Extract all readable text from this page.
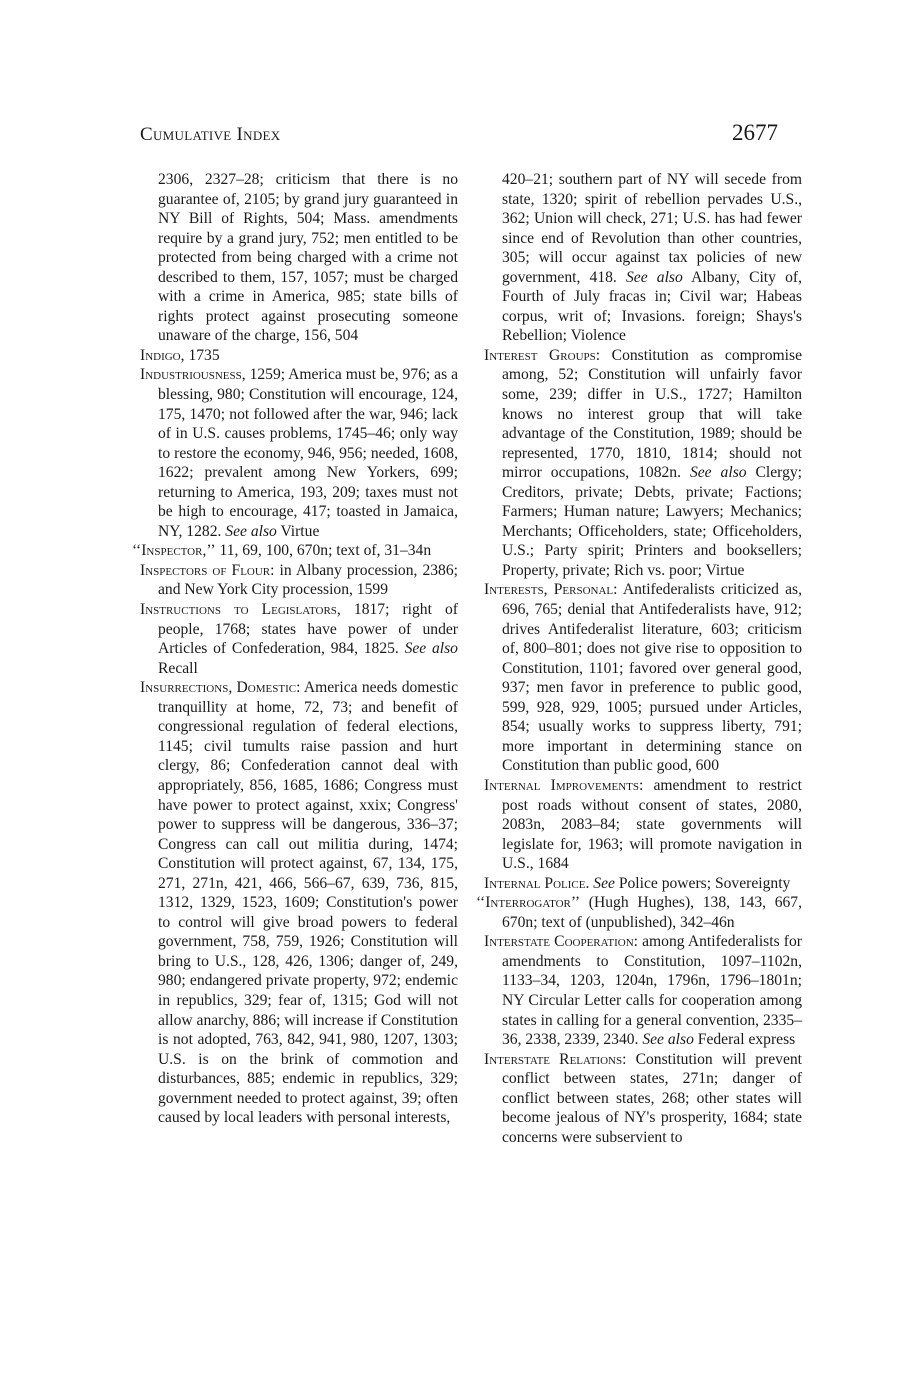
Cumulative Index	2677

2306, 2327–28; criticism that there is no guarantee of, 2105; by grand jury guaranteed in NY Bill of Rights, 504; Mass. amendments require by a grand jury, 752; men entitled to be protected from being charged with a crime not described to them, 157, 1057; must be charged with a crime in America, 985; state bills of rights protect against prosecuting someone unaware of the charge, 156, 504

Indigo, 1735

Industriousness, 1259; America must be, 976; as a blessing, 980; Constitution will encourage, 124, 175, 1470; not followed after the war, 946; lack of in U.S. causes problems, 1745–46; only way to restore the economy, 946, 956; needed, 1608, 1622; prevalent among New Yorkers, 699; returning to America, 193, 209; taxes must not be high to encourage, 417; toasted in Jamaica, NY, 1282. See also Virtue

‘‘Inspector,’’ 11, 69, 100, 670n; text of, 31–34n

Inspectors of Flour: in Albany procession, 2386; and New York City procession, 1599

Instructions to Legislators, 1817; right of people, 1768; states have power of under Articles of Confederation, 984, 1825. See also Recall

Insurrections, Domestic: America needs domestic tranquillity at home, 72, 73; and benefit of congressional regulation of federal elections, 1145; civil tumults raise passion and hurt clergy, 86; Confederation cannot deal with appropriately, 856, 1685, 1686; Congress must have power to protect against, xxix; Congress' power to suppress will be dangerous, 336–37; Congress can call out militia during, 1474; Constitution will protect against, 67, 134, 175, 271, 271n, 421, 466, 566–67, 639, 736, 815, 1312, 1329, 1523, 1609; Constitution's power to control will give broad powers to federal government, 758, 759, 1926; Constitution will bring to U.S., 128, 426, 1306; danger of, 249, 980; endangered private property, 972; endemic in republics, 329; fear of, 1315; God will not allow anarchy, 886; will increase if Constitution is not adopted, 763, 842, 941, 980, 1207, 1303; U.S. is on the brink of commotion and disturbances, 885; endemic in republics, 329; government needed to protect against, 39; often caused by local leaders with personal interests,

420–21; southern part of NY will secede from state, 1320; spirit of rebellion pervades U.S., 362; Union will check, 271; U.S. has had fewer since end of Revolution than other countries, 305; will occur against tax policies of new government, 418. See also Albany, City of, Fourth of July fracas in; Civil war; Habeas corpus, writ of; Invasions. foreign; Shays's Rebellion; Violence

Interest Groups: Constitution as compromise among, 52; Constitution will unfairly favor some, 239; differ in U.S., 1727; Hamilton knows no interest group that will take advantage of the Constitution, 1989; should be represented, 1770, 1810, 1814; should not mirror occupations, 1082n. See also Clergy; Creditors, private; Debts, private; Factions; Farmers; Human nature; Lawyers; Mechanics; Merchants; Officeholders, state; Officeholders, U.S.; Party spirit; Printers and booksellers; Property, private; Rich vs. poor; Virtue

Interests, Personal: Antifederalists criticized as, 696, 765; denial that Antifederalists have, 912; drives Antifederalist literature, 603; criticism of, 800–801; does not give rise to opposition to Constitution, 1101; favored over general good, 937; men favor in preference to public good, 599, 928, 929, 1005; pursued under Articles, 854; usually works to suppress liberty, 791; more important in determining stance on Constitution than public good, 600

Internal Improvements: amendment to restrict post roads without consent of states, 2080, 2083n, 2083–84; state governments will legislate for, 1963; will promote navigation in U.S., 1684

Internal Police. See Police powers; Sovereignty

‘‘Interrogator’’ (Hugh Hughes), 138, 143, 667, 670n; text of (unpublished), 342–46n

Interstate Cooperation: among Antifederalists for amendments to Constitution, 1097–1102n, 1133–34, 1203, 1204n, 1796n, 1796–1801n; NY Circular Letter calls for cooperation among states in calling for a general convention, 2335–36, 2338, 2339, 2340. See also Federal express

Interstate Relations: Constitution will prevent conflict between states, 271n; danger of conflict between states, 268; other states will become jealous of NY's prosperity, 1684; state concerns were subservient to
